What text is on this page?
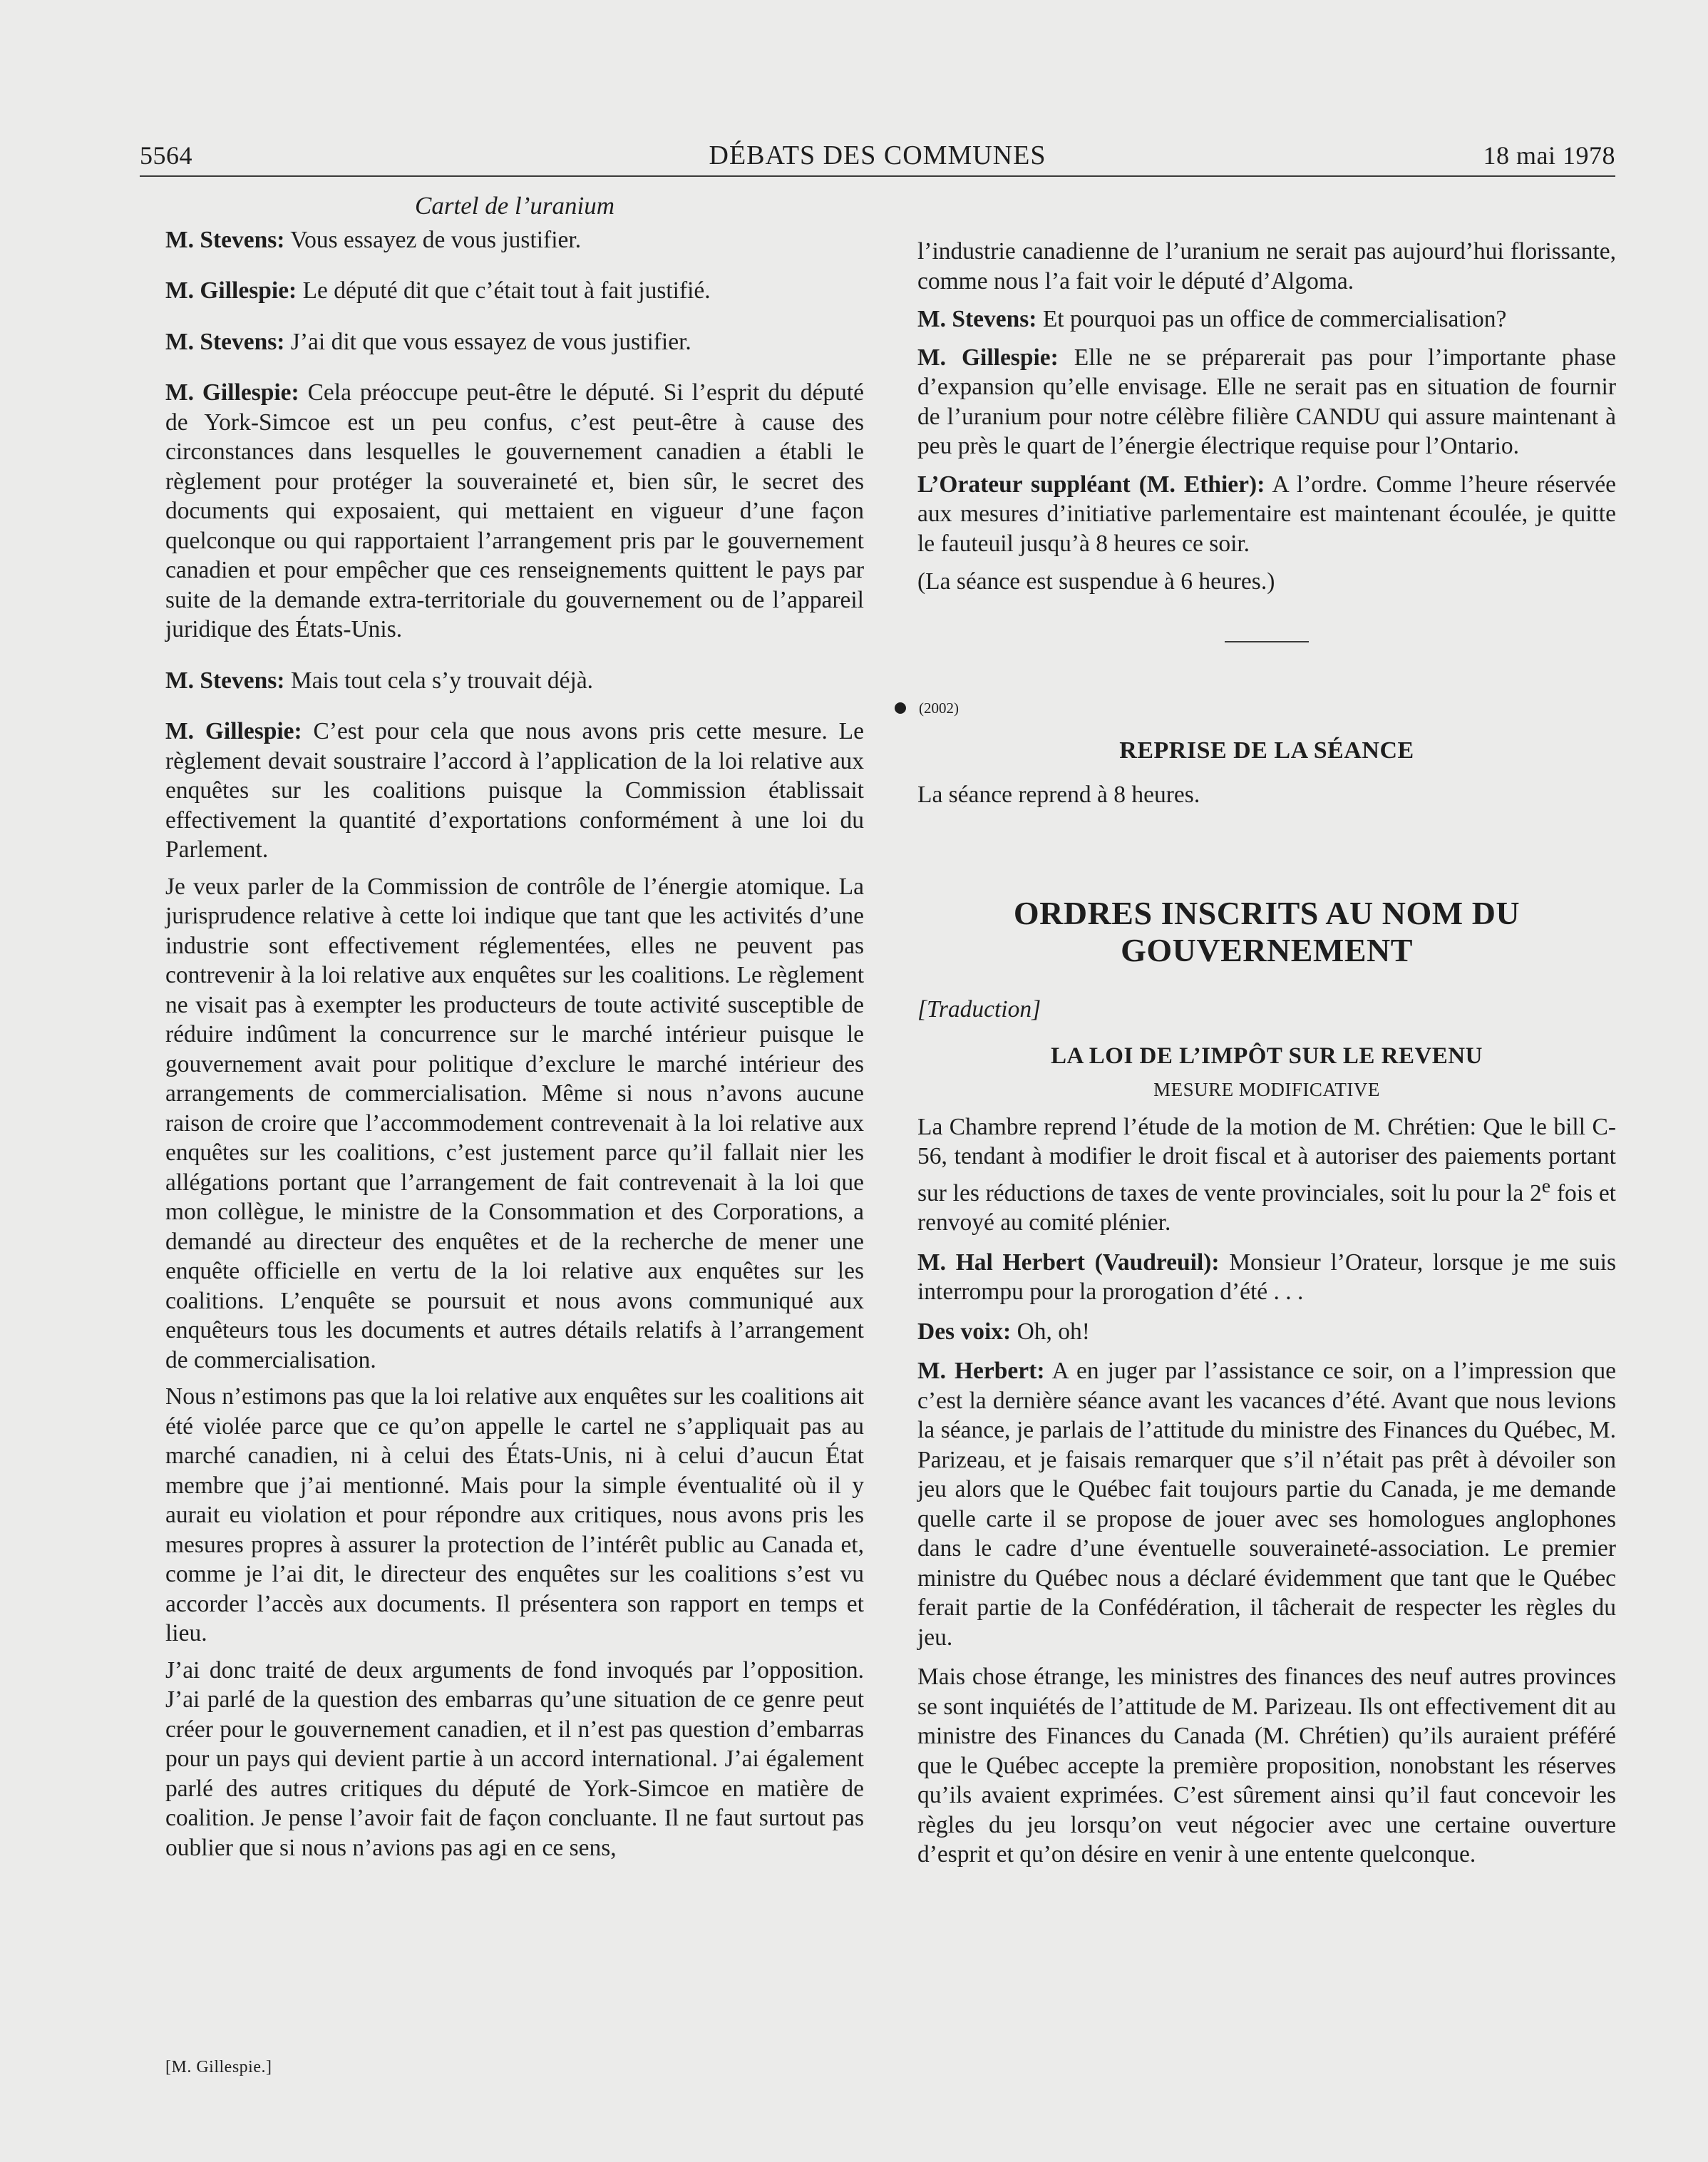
5564	DÉBATS DES COMMUNES	18 mai 1978
Cartel de l’uranium

M. Stevens: Vous essayez de vous justifier.

M. Gillespie: Le député dit que c’était tout à fait justifié.

M. Stevens: J’ai dit que vous essayez de vous justifier.

M. Gillespie: Cela préoccupe peut-être le député. Si l’esprit du député de York-Simcoe est un peu confus, c’est peut-être à cause des circonstances dans lesquelles le gouvernement canadien a établi le règlement pour protéger la souveraineté et, bien sûr, le secret des documents qui exposaient, qui mettaient en vigueur d’une façon quelconque ou qui rapportaient l’arrangement pris par le gouvernement canadien et pour empêcher que ces renseignements quittent le pays par suite de la demande extra-territoriale du gouvernement ou de l’appareil juridique des États-Unis.

M. Stevens: Mais tout cela s’y trouvait déjà.

M. Gillespie: C’est pour cela que nous avons pris cette mesure. Le règlement devait soustraire l’accord à l’application de la loi relative aux enquêtes sur les coalitions puisque la Commission établissait effectivement la quantité d’exportations conformément à une loi du Parlement.

Je veux parler de la Commission de contrôle de l’énergie atomique. La jurisprudence relative à cette loi indique que tant que les activités d’une industrie sont effectivement réglementées, elles ne peuvent pas contrevenir à la loi relative aux enquêtes sur les coalitions. Le règlement ne visait pas à exempter les producteurs de toute activité susceptible de réduire indûment la concurrence sur le marché intérieur puisque le gouvernement avait pour politique d’exclure le marché intérieur des arrangements de commercialisation. Même si nous n’avons aucune raison de croire que l’accommodement contrevenait à la loi relative aux enquêtes sur les coalitions, c’est justement parce qu’il fallait nier les allégations portant que l’arrangement de fait contrevenait à la loi que mon collègue, le ministre de la Consommation et des Corporations, a demandé au directeur des enquêtes et de la recherche de mener une enquête officielle en vertu de la loi relative aux enquêtes sur les coalitions. L’enquête se poursuit et nous avons communiqué aux enquêteurs tous les documents et autres détails relatifs à l’arrangement de commercialisation.

Nous n’estimons pas que la loi relative aux enquêtes sur les coalitions ait été violée parce que ce qu’on appelle le cartel ne s’appliquait pas au marché canadien, ni à celui des États-Unis, ni à celui d’aucun État membre que j’ai mentionné. Mais pour la simple éventualité où il y aurait eu violation et pour répondre aux critiques, nous avons pris les mesures propres à assurer la protection de l’intérêt public au Canada et, comme je l’ai dit, le directeur des enquêtes sur les coalitions s’est vu accorder l’accès aux documents. Il présentera son rapport en temps et lieu.

J’ai donc traité de deux arguments de fond invoqués par l’opposition. J’ai parlé de la question des embarras qu’une situation de ce genre peut créer pour le gouvernement canadien, et il n’est pas question d’embarras pour un pays qui devient partie à un accord international. J’ai également parlé des autres critiques du député de York-Simcoe en matière de coalition. Je pense l’avoir fait de façon concluante. Il ne faut surtout pas oublier que si nous n’avions pas agi en ce sens,

l’industrie canadienne de l’uranium ne serait pas aujourd’hui florissante, comme nous l’a fait voir le député d’Algoma.

M. Stevens: Et pourquoi pas un office de commercialisation?

M. Gillespie: Elle ne se préparerait pas pour l’importante phase d’expansion qu’elle envisage. Elle ne serait pas en situation de fournir de l’uranium pour notre célèbre filière CANDU qui assure maintenant à peu près le quart de l’énergie électrique requise pour l’Ontario.

L’Orateur suppléant (M. Ethier): A l’ordre. Comme l’heure réservée aux mesures d’initiative parlementaire est maintenant écoulée, je quitte le fauteuil jusqu’à 8 heures ce soir.

(La séance est suspendue à 6 heures.)

(2002)
REPRISE DE LA SÉANCE

La séance reprend à 8 heures.

ORDRES INSCRITS AU NOM DU GOUVERNEMENT

[Traduction]

LA LOI DE L’IMPÔT SUR LE REVENU
MESURE MODIFICATIVE

La Chambre reprend l’étude de la motion de M. Chrétien: Que le bill C-56, tendant à modifier le droit fiscal et à autoriser des paiements portant sur les réductions de taxes de vente provinciales, soit lu pour la 2e fois et renvoyé au comité plénier.

M. Hal Herbert (Vaudreuil): Monsieur l’Orateur, lorsque je me suis interrompu pour la prorogation d’été . . .

Des voix: Oh, oh!

M. Herbert: A en juger par l’assistance ce soir, on a l’impression que c’est la dernière séance avant les vacances d’été. Avant que nous levions la séance, je parlais de l’attitude du ministre des Finances du Québec, M. Parizeau, et je faisais remarquer que s’il n’était pas prêt à dévoiler son jeu alors que le Québec fait toujours partie du Canada, je me demande quelle carte il se propose de jouer avec ses homologues anglophones dans le cadre d’une éventuelle souveraineté-association. Le premier ministre du Québec nous a déclaré évidemment que tant que le Québec ferait partie de la Confédération, il tâcherait de respecter les règles du jeu.

Mais chose étrange, les ministres des finances des neuf autres provinces se sont inquiétés de l’attitude de M. Parizeau. Ils ont effectivement dit au ministre des Finances du Canada (M. Chrétien) qu’ils auraient préféré que le Québec accepte la première proposition, nonobstant les réserves qu’ils avaient exprimées. C’est sûrement ainsi qu’il faut concevoir les règles du jeu lorsqu’on veut négocier avec une certaine ouverture d’esprit et qu’on désire en venir à une entente quelconque.

[M. Gillespie.]
